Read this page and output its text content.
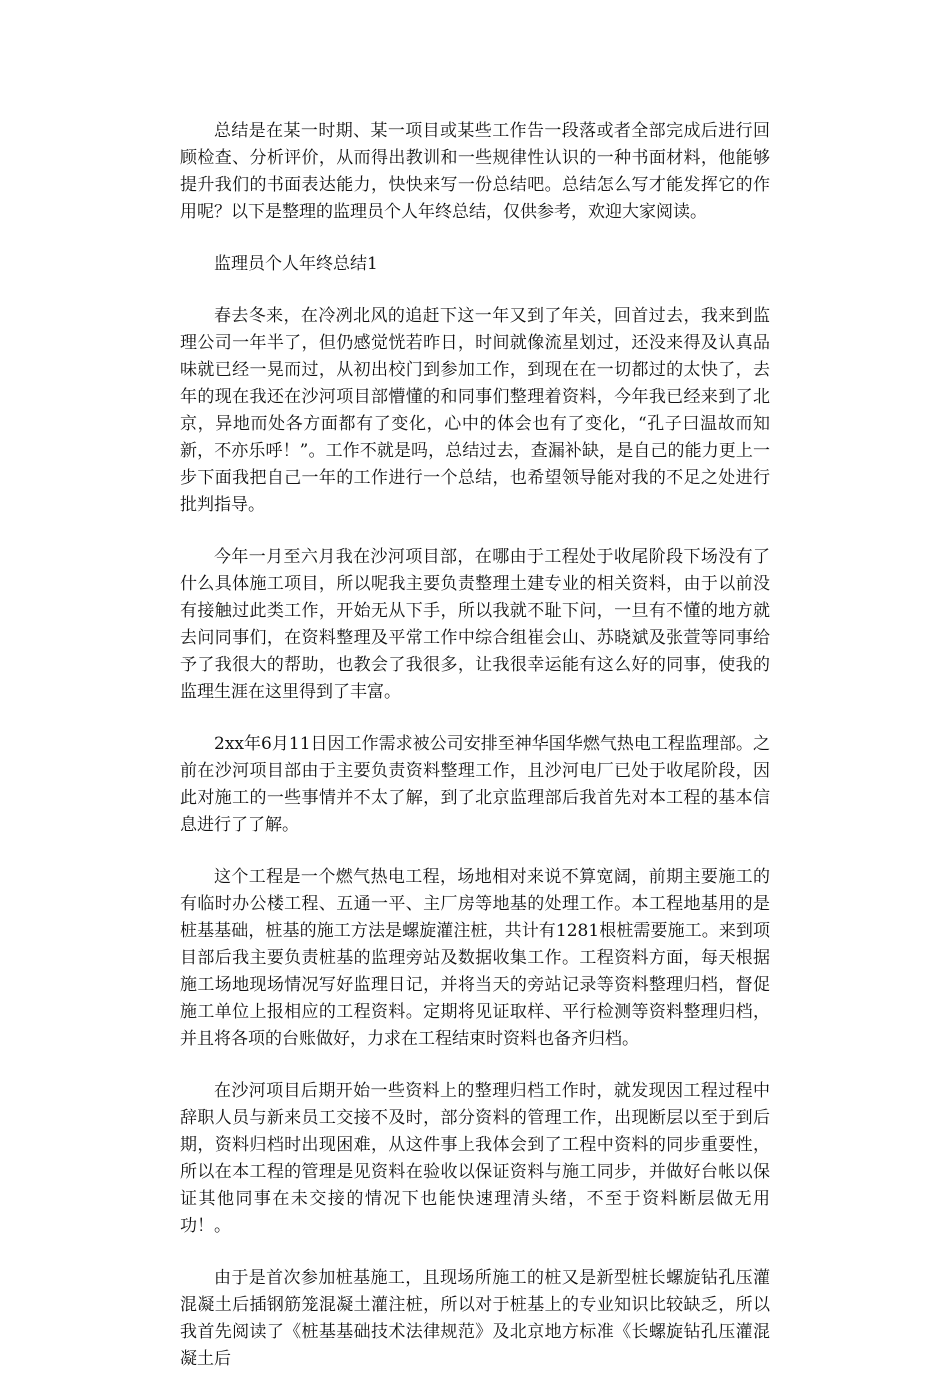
总结是在某一时期、某一项目或某些工作告一段落或者全部完成后进行回顾检查、分析评价，从而得出教训和一些规律性认识的一种书面材料，他能够提升我们的书面表达能力，快快来写一份总结吧。总结怎么写才能发挥它的作用呢？以下是整理的监理员个人年终总结，仅供参考，欢迎大家阅读。

监理员个人年终总结1

春去冬来，在冷冽北风的追赶下这一年又到了年关，回首过去，我来到监理公司一年半了，但仍感觉恍若昨日，时间就像流星划过，还没来得及认真品味就已经一晃而过，从初出校门到参加工作，到现在在一切都过的太快了，去年的现在我还在沙河项目部懵懂的和同事们整理着资料，今年我已经来到了北京，异地而处各方面都有了变化，心中的体会也有了变化，“孔子曰温故而知新，不亦乐呼！”。工作不就是吗，总结过去，查漏补缺，是自己的能力更上一步下面我把自己一年的工作进行一个总结，也希望领导能对我的不足之处进行批判指导。

今年一月至六月我在沙河项目部，在哪由于工程处于收尾阶段下场没有了什么具体施工项目，所以呢我主要负责整理土建专业的相关资料，由于以前没有接触过此类工作，开始无从下手，所以我就不耻下问，一旦有不懂的地方就去问同事们，在资料整理及平常工作中综合组崔会山、苏晓斌及张萱等同事给予了我很大的帮助，也教会了我很多，让我很幸运能有这么好的同事，使我的监理生涯在这里得到了丰富。

2xx年6月11日因工作需求被公司安排至神华国华燃气热电工程监理部。之前在沙河项目部由于主要负责资料整理工作，且沙河电厂已处于收尾阶段，因此对施工的一些事情并不太了解，到了北京监理部后我首先对本工程的基本信息进行了了解。

这个工程是一个燃气热电工程，场地相对来说不算宽阔，前期主要施工的有临时办公楼工程、五通一平、主厂房等地基的处理工作。本工程地基用的是桩基基础，桩基的施工方法是螺旋灌注桩，共计有1281根桩需要施工。来到项目部后我主要负责桩基的监理旁站及数据收集工作。工程资料方面，每天根据施工场地现场情况写好监理日记，并将当天的旁站记录等资料整理归档，督促施工单位上报相应的工程资料。定期将见证取样、平行检测等资料整理归档，并且将各项的台账做好，力求在工程结束时资料也备齐归档。

在沙河项目后期开始一些资料上的整理归档工作时，就发现因工程过程中辞职人员与新来员工交接不及时，部分资料的管理工作，出现断层以至于到后期，资料归档时出现困难，从这件事上我体会到了工程中资料的同步重要性，所以在本工程的管理是见资料在验收以保证资料与施工同步，并做好台帐以保证其他同事在未交接的情况下也能快速理清头绪，不至于资料断层做无用功！。

由于是首次参加桩基施工，且现场所施工的桩又是新型桩长螺旋钻孔压灌混凝土后插钢筋笼混凝土灌注桩，所以对于桩基上的专业知识比较缺乏，所以我首先阅读了《桩基基础技术法律规范》及北京地方标准《长螺旋钻孔压灌混凝土后
